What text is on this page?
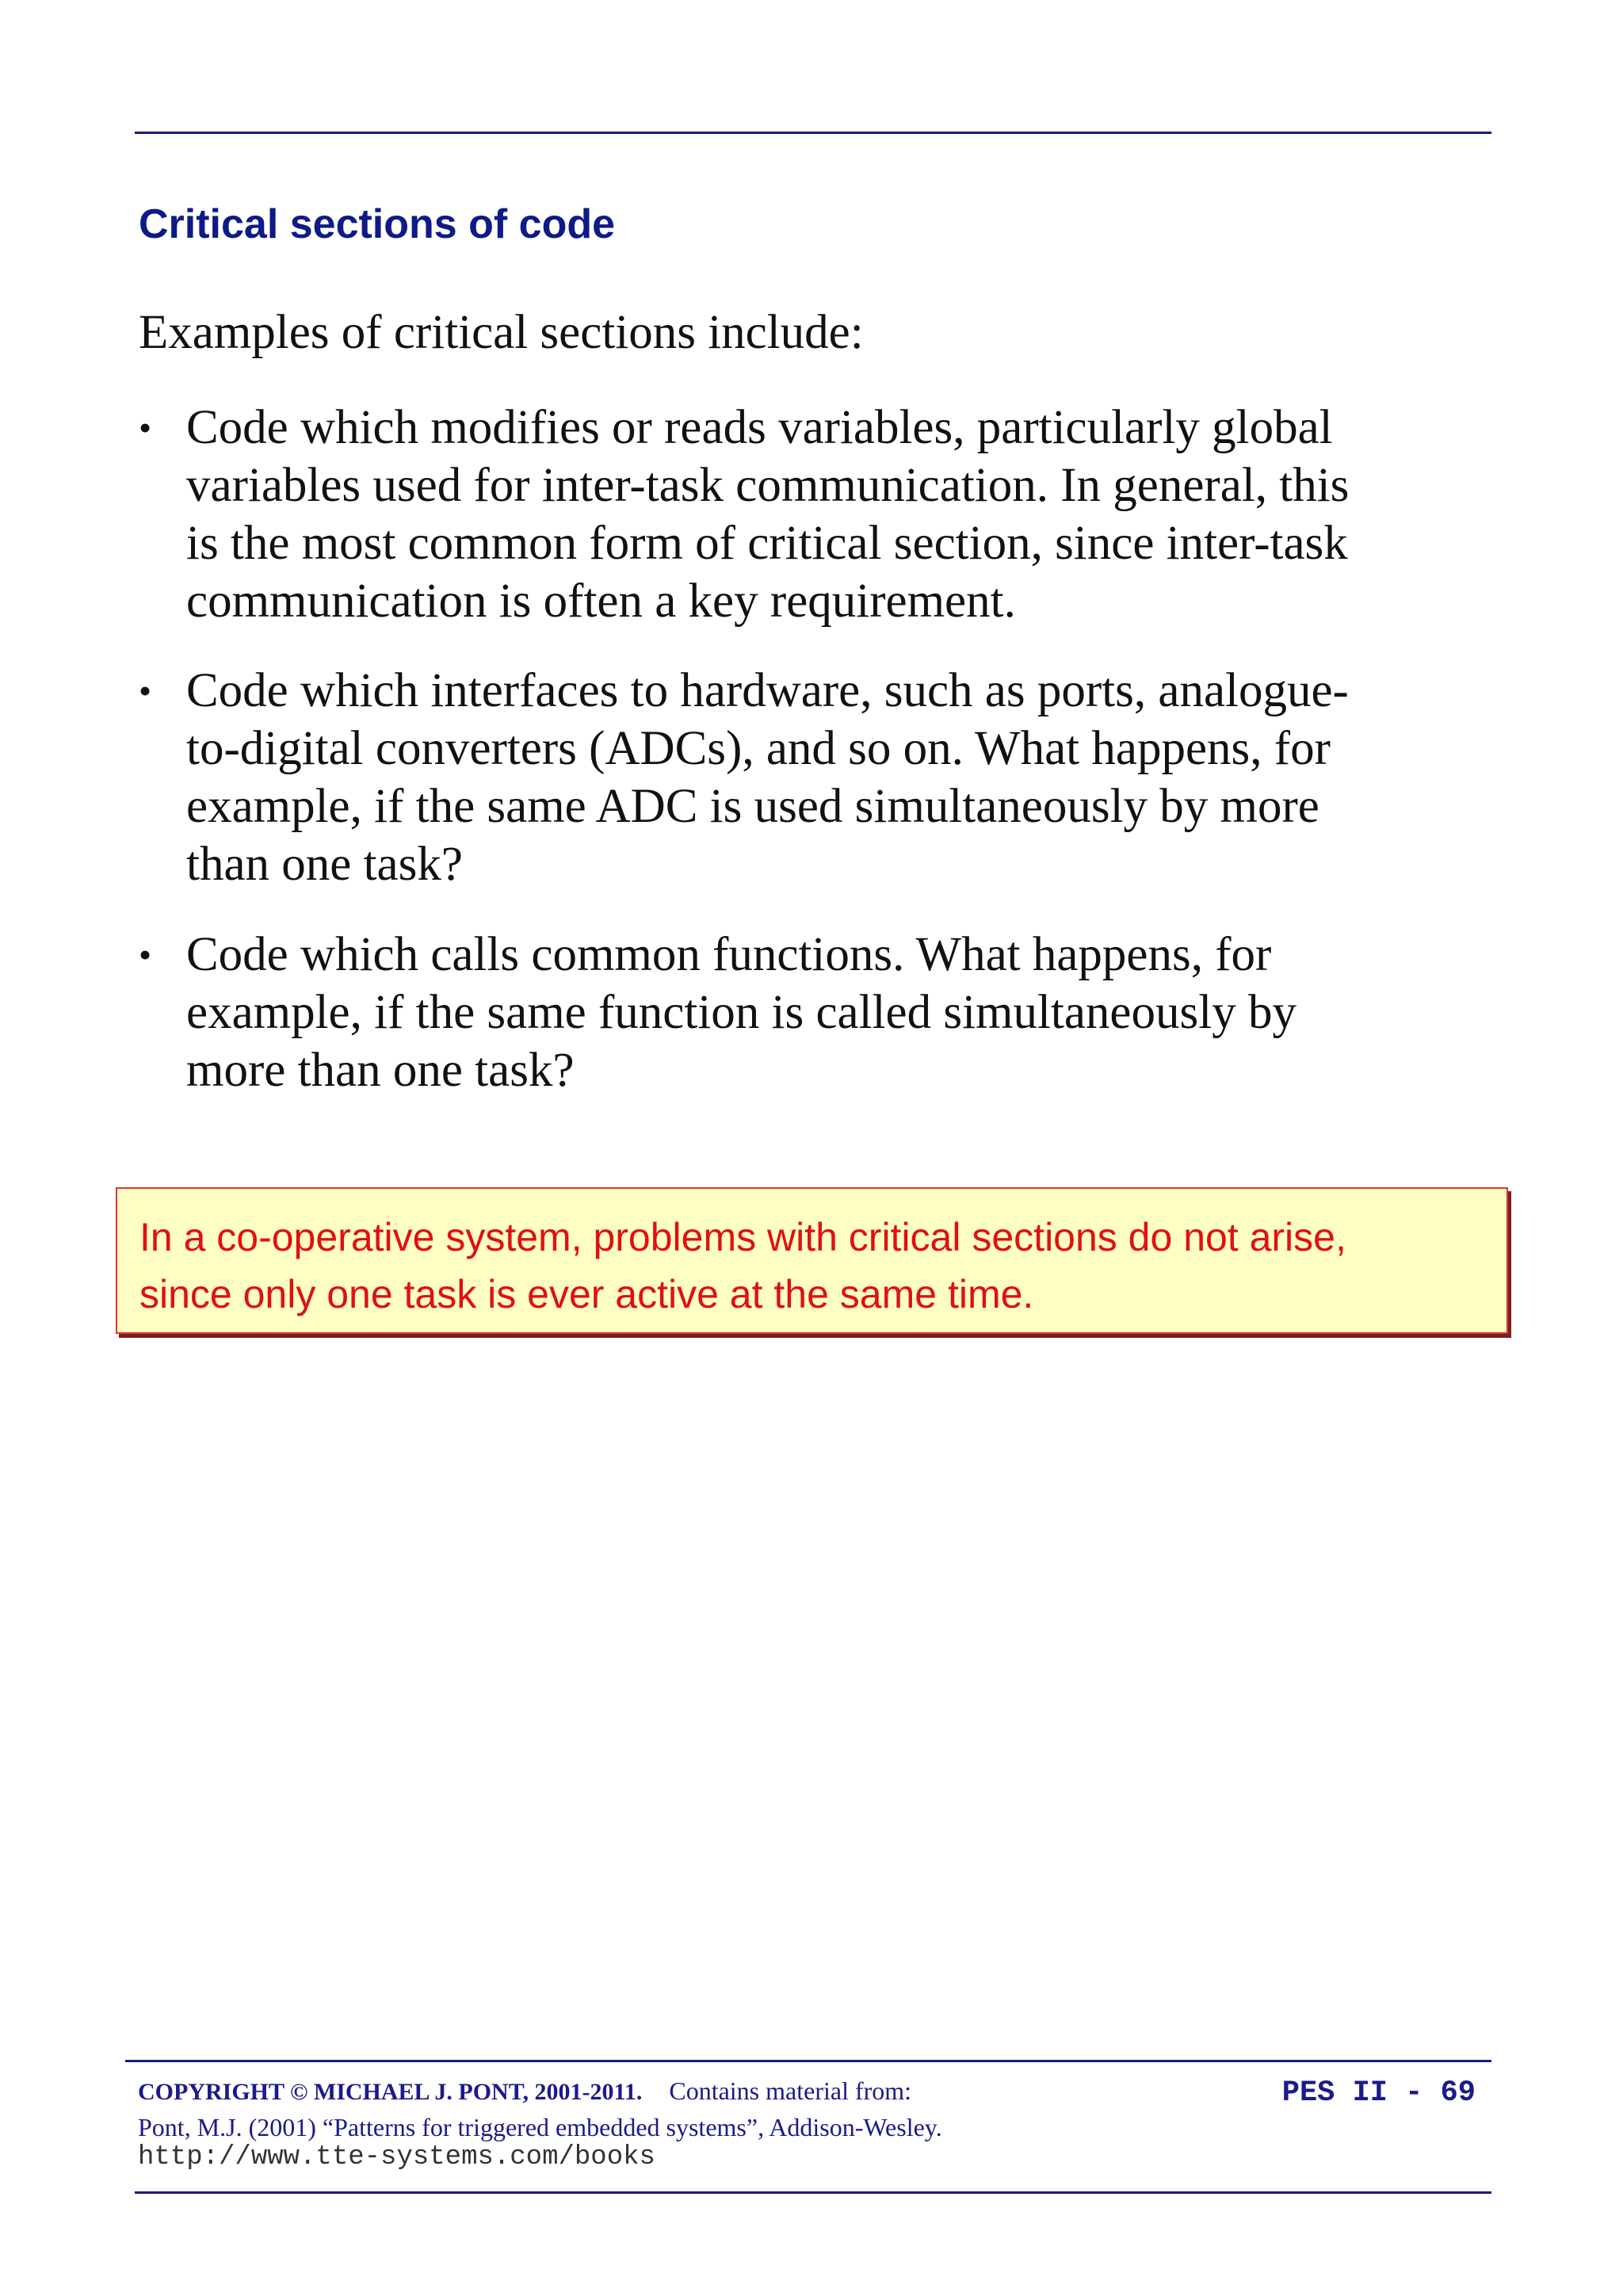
Critical sections of code

Examples of critical sections include:

• Code which modifies or reads variables, particularly global
variables used for inter-task communication. In general, this
is the most common form of critical section, since inter-task
communication is often a key requirement.
• Code which interfaces to hardware, such as ports, analogue-
to-digital converters (ADCs), and so on. What happens, for
example, if the same ADC is used simultaneously by more
than one task?
• Code which calls common functions. What happens, for
example, if the same function is called simultaneously by
more than one task?
In a co-operative system, problems with critical sections do not arise,
since only one task is ever active at the same time.
COPYRIGHT © MICHAEL J. PONT, 2001-2011. Contains material from:	PES II - 69
Pont, M.J. (2001) “Patterns for triggered embedded systems”, Addison-Wesley.
http://www.tte-systems.com/books
